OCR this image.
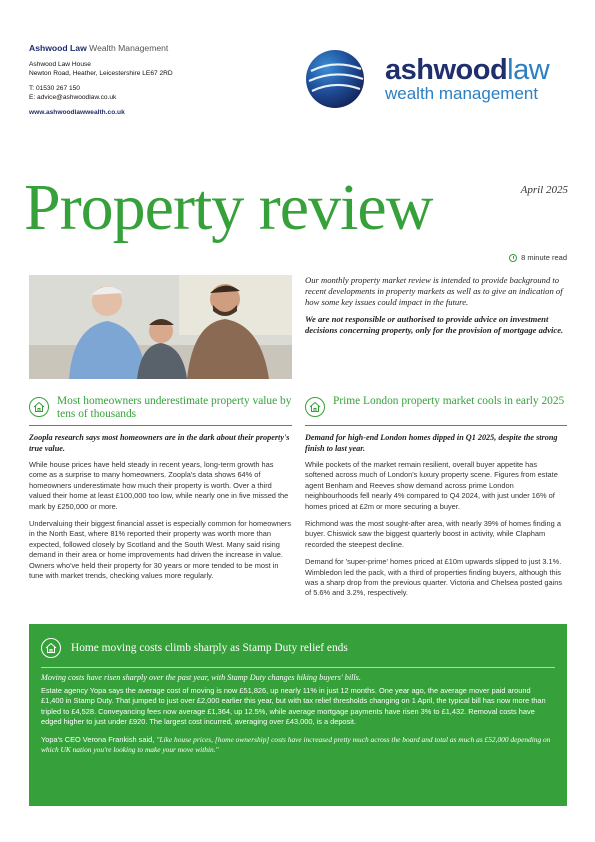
Ashwood Law Wealth Management
Ashwood Law House
Newton Road, Heather, Leicestershire LE67 2RD
T: 01530 267 150
E: advice@ashwoodlaw.co.uk
www.ashwoodlawwealth.co.uk
ashwoodlaw
wealth management
April 2025
Property review
8 minute read

Our monthly property market review is intended to provide background to recent developments in property markets as well as to give an indication of how some key issues could impact in the future.

We are not responsible or authorised to provide advice on investment decisions concerning property, only for the provision of mortgage advice.

Most homeowners underestimate property value by tens of thousands
Zoopla research says most homeowners are in the dark about their property's true value.

While house prices have held steady in recent years, long-term growth has come as a surprise to many homeowners. Zoopla's data shows 64% of homeowners underestimate how much their property is worth. Over a third valued their home at least £100,000 too low, while nearly one in five missed the mark by £250,000 or more.

Undervaluing their biggest financial asset is especially common for homeowners in the North East, where 81% reported their property was worth more than expected, followed closely by Scotland and the South West. Many said rising demand in their area or home improvements had driven the increase in value. Owners who've held their property for 30 years or more tended to be most in tune with market trends, checking values more regularly.

Prime London property market cools in early 2025
Demand for high-end London homes dipped in Q1 2025, despite the strong finish to last year.

While pockets of the market remain resilient, overall buyer appetite has softened across much of London's luxury property scene. Figures from estate agent Benham and Reeves show demand across prime London neighbourhoods fell nearly 4% compared to Q4 2024, with just under 16% of homes priced at £2m or more securing a buyer.

Richmond was the most sought-after area, with nearly 39% of homes finding a buyer. Chiswick saw the biggest quarterly boost in activity, while Clapham recorded the steepest decline.

Demand for 'super-prime' homes priced at £10m upwards slipped to just 3.1%. Wimbledon led the pack, with a third of properties finding buyers, although this was a sharp drop from the previous quarter. Victoria and Chelsea posted gains of 5.6% and 3.2%, respectively.

Home moving costs climb sharply as Stamp Duty relief ends
Moving costs have risen sharply over the past year, with Stamp Duty changes hiking buyers' bills.

Estate agency Yopa says the average cost of moving is now £51,826, up nearly 11% in just 12 months. One year ago, the average mover paid around £1,400 in Stamp Duty. That jumped to just over £2,000 earlier this year, but with tax relief thresholds changing on 1 April, the typical bill has now more than tripled to £4,528. Conveyancing fees now average £1,364, up 12.5%, while average mortgage payments have risen 3% to £1,432. Removal costs have edged higher to just under £920. The largest cost incurred, averaging over £43,000, is a deposit.

Yopa's CEO Verona Frankish said, "Like house prices, [home ownership] costs have increased pretty much across the board and total as much as £52,000 depending on which UK nation you're looking to make your move within."
